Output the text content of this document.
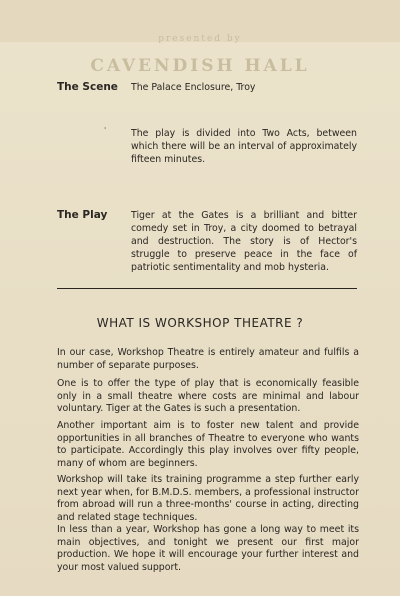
presented by
CAVENDISH HALL
The Scene	The Palace Enclosure, Troy
'	The play is divided into Two Acts, between which there will be an interval of approximately fifteen minutes.
The Play	Tiger at the Gates is a brilliant and bitter comedy set in Troy, a city doomed to betrayal and destruction. The story is of Hector's struggle to preserve peace in the face of patriotic sentimentality and mob hysteria.
WHAT IS WORKSHOP THEATRE ?
In our case, Workshop Theatre is entirely amateur and fulfils a number of separate purposes.
One is to offer the type of play that is economically feasible only in a small theatre where costs are minimal and labour voluntary. Tiger at the Gates is such a presentation.
Another important aim is to foster new talent and provide opportunities in all branches of Theatre to everyone who wants to participate. Accordingly this play involves over fifty people, many of whom are beginners.
Workshop will take its training programme a step further early next year when, for B.M.D.S. members, a professional instructor from abroad will run a three-months' course in acting, directing and related stage techniques.
In less than a year, Workshop has gone a long way to meet its main objectives, and tonight we present our first major production. We hope it will encourage your further interest and your most valued support.
